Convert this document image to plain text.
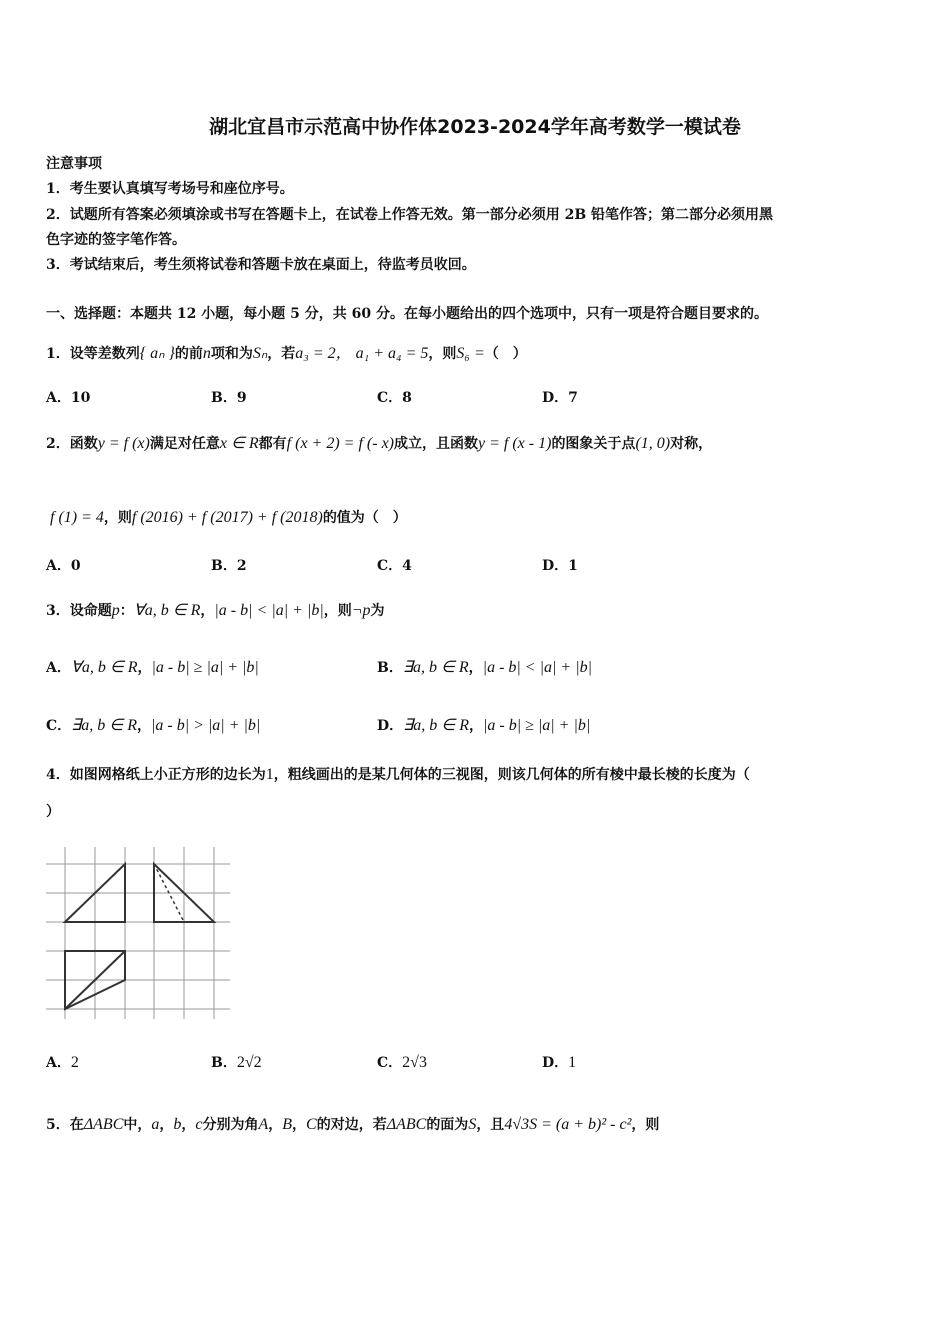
湖北宜昌市示范高中协作体2023-2024学年高考数学一模试卷
注意事项
1．考生要认真填写考场号和座位序号。
2．试题所有答案必须填涂或书写在答题卡上，在试卷上作答无效。第一部分必须用 2B 铅笔作答；第二部分必须用黑
色字迹的签字笔作答。
3．考试结束后，考生须将试卷和答题卡放在桌面上，待监考员收回。
一、选择题：本题共 12 小题，每小题 5 分，共 60 分。在每小题给出的四个选项中，只有一项是符合题目要求的。
1．设等差数列{ aₙ }的前n项和为Sₙ，若a₃ = 2， a₁ + a₄ = 5，则S₆ =（　）
A．10	B．9	C．8	D．7
2．函数y = f (x)满足对任意x ∈ R都有f (x + 2) = f (- x)成立，且函数y = f (x - 1)的图象关于点(1, 0)对称，
f (1) = 4，则f (2016) + f (2017) + f (2018)的值为（　）
A．0	B．2	C．4	D．1
3．设命题p：∀a, b ∈ R，|a - b| < |a| + |b|，则¬p为
A．∀a, b ∈ R，|a - b| ≥ |a| + |b|	B．∃a, b ∈ R，|a - b| < |a| + |b|
C．∃a, b ∈ R，|a - b| > |a| + |b|	D．∃a, b ∈ R，|a - b| ≥ |a| + |b|
4．如图网格纸上小正方形的边长为1，粗线画出的是某几何体的三视图，则该几何体的所有棱中最长棱的长度为（
）
A．2	B．2√2	C．2√3	D．1
5．在ΔABC中，a，b，c分别为角A，B，C的对边，若ΔABC的面为S，且4√3S = (a + b)² - c²，则
